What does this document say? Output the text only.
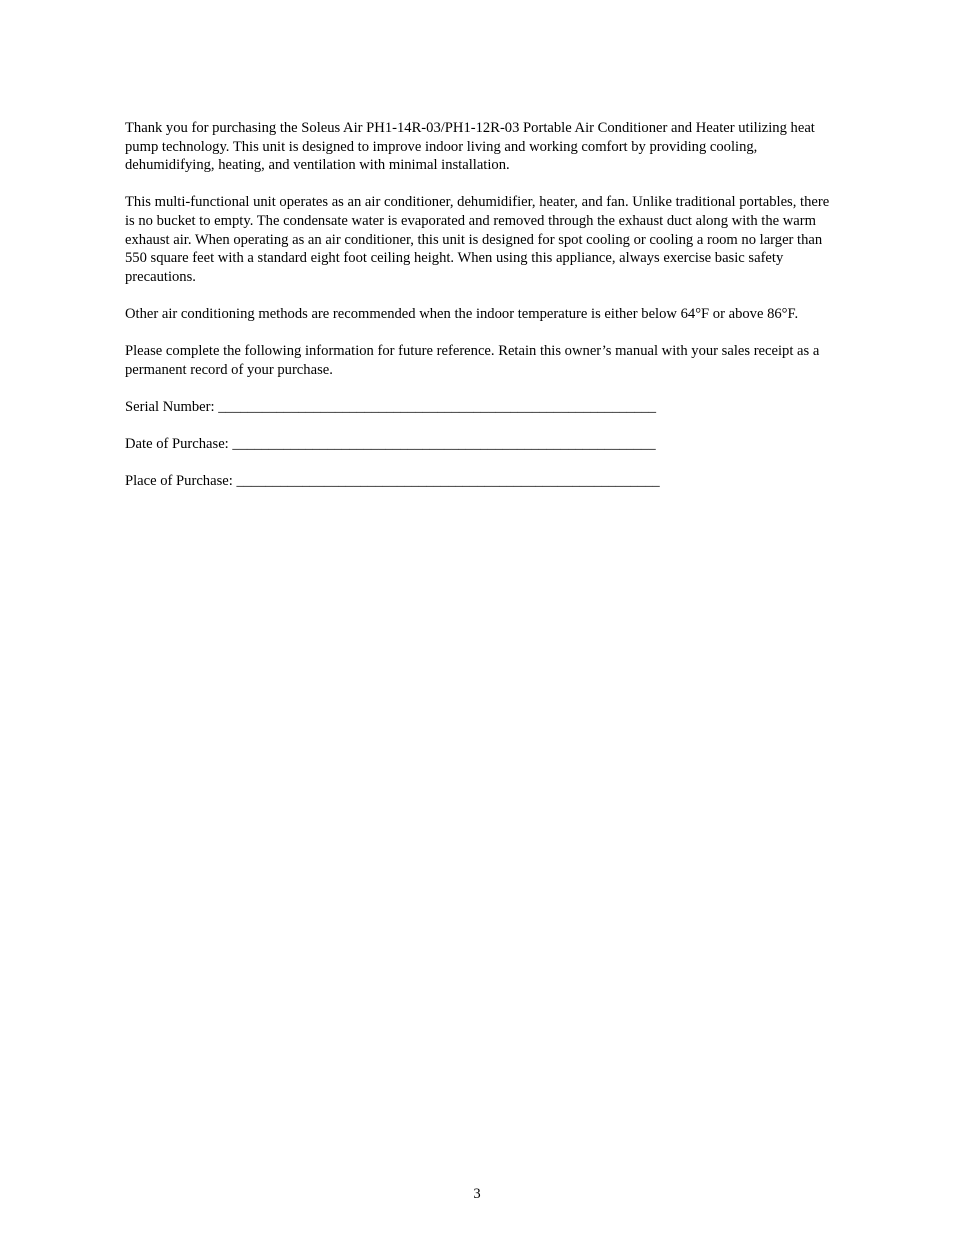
Thank you for purchasing the Soleus Air PH1-14R-03/PH1-12R-03 Portable Air Conditioner and Heater utilizing heat pump technology. This unit is designed to improve indoor living and working comfort by providing cooling, dehumidifying, heating, and ventilation with minimal installation.

This multi-functional unit operates as an air conditioner, dehumidifier, heater, and fan. Unlike traditional portables, there is no bucket to empty. The condensate water is evaporated and removed through the exhaust duct along with the warm exhaust air. When operating as an air conditioner, this unit is designed for spot cooling or cooling a room no larger than 550 square feet with a standard eight foot ceiling height. When using this appliance, always exercise basic safety precautions.

Other air conditioning methods are recommended when the indoor temperature is either below 64°F or above 86°F.

Please complete the following information for future reference. Retain this owner’s manual with your sales receipt as a permanent record of your purchase.

Serial Number: ____________________________________________________________
Date of Purchase: __________________________________________________________
Place of Purchase: __________________________________________________________
3
